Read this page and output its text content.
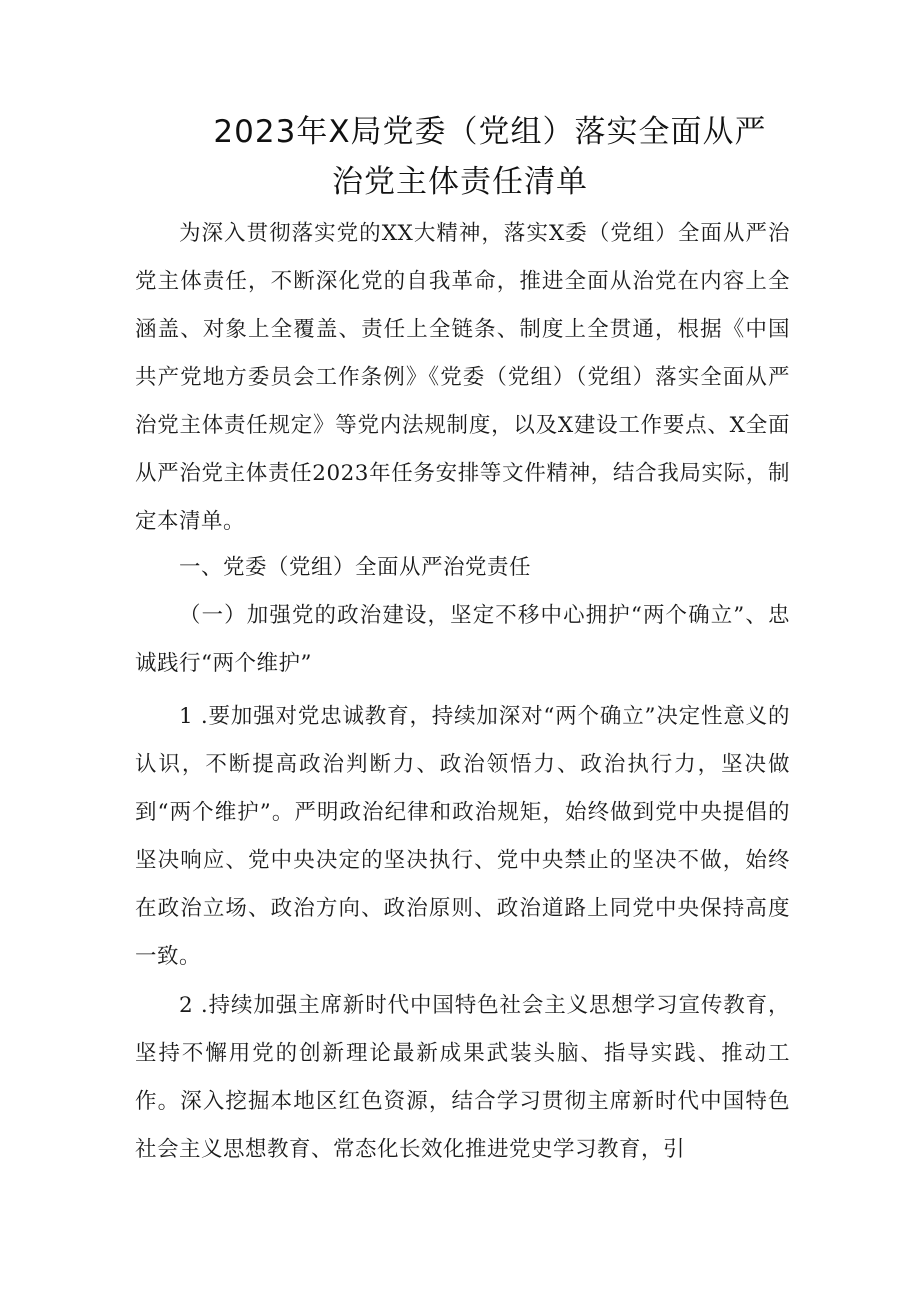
2023年X局党委（党组）落实全面从严
治党主体责任清单

为深入贯彻落实党的XX大精神，落实X委（党组）全面从严治党主体责任，不断深化党的自我革命，推进全面从治党在内容上全涵盖、对象上全覆盖、责任上全链条、制度上全贯通，根据《中国共产党地方委员会工作条例》《党委（党组）（党组）落实全面从严治党主体责任规定》等党内法规制度，以及X建设工作要点、X全面从严治党主体责任2023年任务安排等文件精神，结合我局实际，制定本清单。

一、党委（党组）全面从严治党责任

（一）加强党的政治建设，坚定不移中心拥护“两个确立”、忠诚践行“两个维护”

1 .要加强对党忠诚教育，持续加深对“两个确立”决定性意义的认识，不断提高政治判断力、政治领悟力、政治执行力，坚决做到“两个维护”。严明政治纪律和政治规矩，始终做到党中央提倡的坚决响应、党中央决定的坚决执行、党中央禁止的坚决不做，始终在政治立场、政治方向、政治原则、政治道路上同党中央保持高度一致。

2 .持续加强主席新时代中国特色社会主义思想学习宣传教育，坚持不懈用党的创新理论最新成果武装头脑、指导实践、推动工作。深入挖掘本地区红色资源，结合学习贯彻主席新时代中国特色社会主义思想教育、常态化长效化推进党史学习教育，引
